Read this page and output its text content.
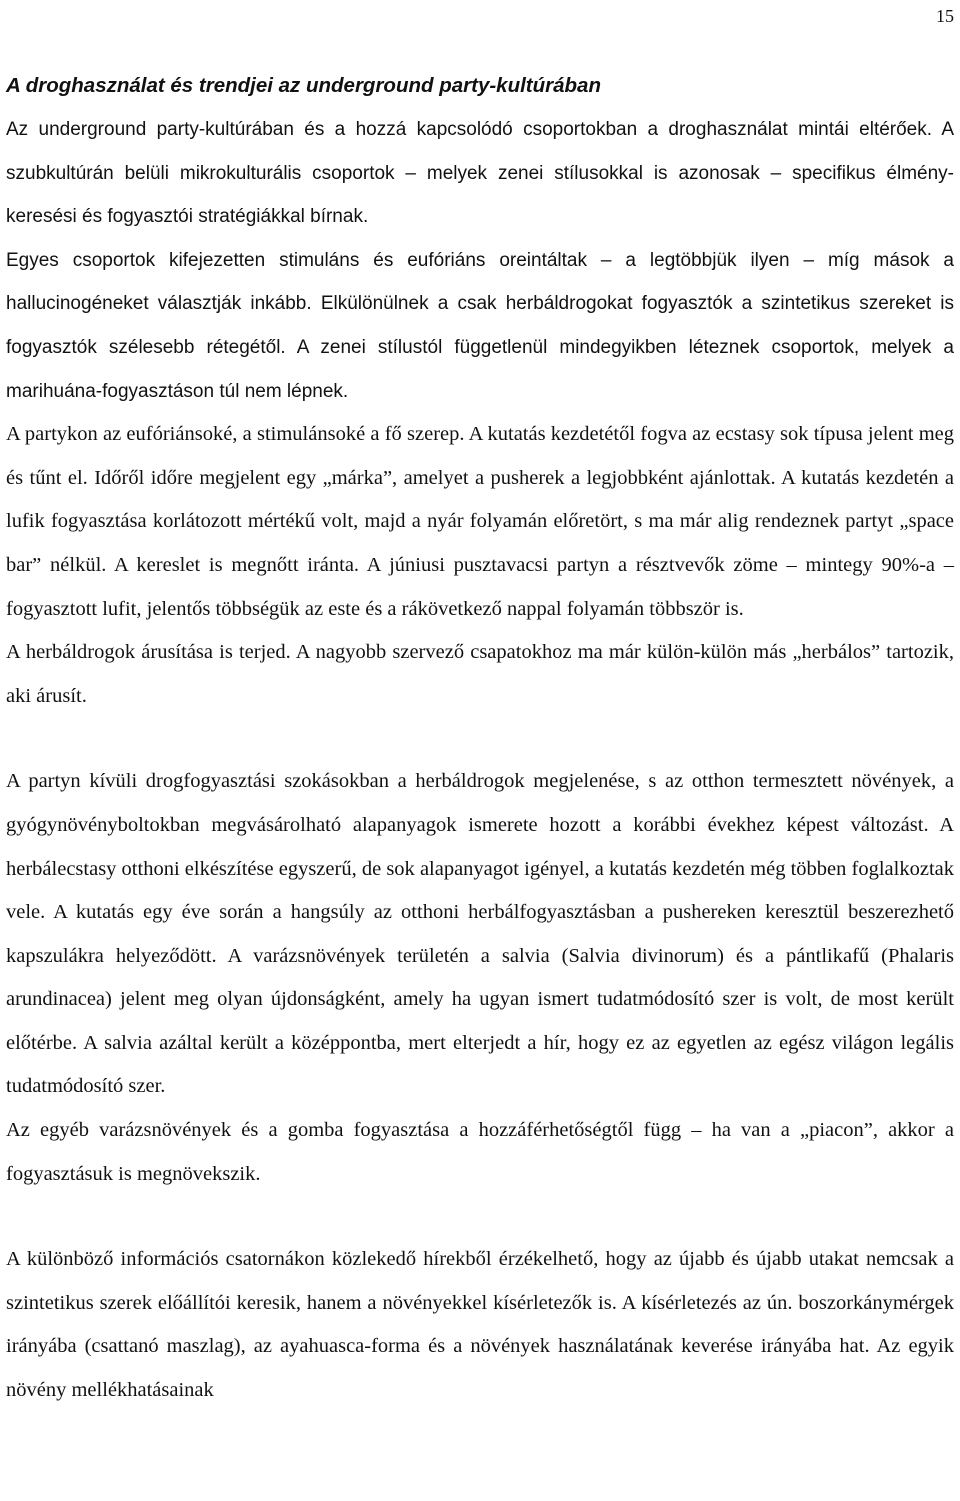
15
A droghasználat és trendjei az underground party-kultúrában

Az underground party-kultúrában és a hozzá kapcsolódó csoportokban a droghasználat mintái eltérőek. A szubkultúrán belüli mikrokulturális csoportok – melyek zenei stílusokkal is azonosak – specifikus élmény-keresési és fogyasztói stratégiákkal bírnak.

Egyes csoportok kifejezetten stimuláns és eufóriáns oreintáltak – a legtöbbjük ilyen – míg mások a hallucinogéneket választják inkább. Elkülönülnek a csak herbáldrogokat fogyasztók a szintetikus szereket is fogyasztók szélesebb rétegétől. A zenei stílustól függetlenül mindegyikben léteznek csoportok, melyek a marihuána-fogyasztáson túl nem lépnek.

A partykon az eufóriánsoké, a stimulánsoké a fő szerep. A kutatás kezdetétől fogva az ecstasy sok típusa jelent meg és tűnt el. Időről időre megjelent egy „márka”, amelyet a pusherek a legjobbként ajánlottak. A kutatás kezdetén a lufik fogyasztása korlátozott mértékű volt, majd a nyár folyamán előretört, s ma már alig rendeznek partyt „space bar” nélkül. A kereslet is megnőtt iránta. A júniusi pusztavacsi partyn a résztvevők zöme – mintegy 90%-a – fogyasztott lufit, jelentős többségük az este és a rákövetkező nappal folyamán többször is.

A herbáldrogok árusítása is terjed. A nagyobb szervező csapatokhoz ma már külön-külön más „herbálos” tartozik, aki árusít.

A partyn kívüli drogfogyasztási szokásokban a herbáldrogok megjelenése, s az otthon termesztett növények, a gyógynövényboltokban megvásárolható alapanyagok ismerete hozott a korábbi évekhez képest változást. A herbálecstasy otthoni elkészítése egyszerű, de sok alapanyagot igényel, a kutatás kezdetén még többen foglalkoztak vele. A kutatás egy éve során a hangsúly az otthoni herbálfogyasztásban a pushereken keresztül beszerezhető kapszulákra helyeződött. A varázsnövények területén a salvia (Salvia divinorum) és a pántlikafű (Phalaris arundinacea) jelent meg olyan újdonságként, amely ha ugyan ismert tudatmódosító szer is volt, de most került előtérbe. A salvia azáltal került a középpontba, mert elterjedt a hír, hogy ez az egyetlen az egész világon legális tudatmódosító szer.

Az egyéb varázsnövények és a gomba fogyasztása a hozzáférhetőségtől függ – ha van a „piacon”, akkor a fogyasztásuk is megnövekszik.

A különböző információs csatornákon közlekedő hírekből érzékelhető, hogy az újabb és újabb utakat nemcsak a szintetikus szerek előállítói keresik, hanem a növényekkel kísérletezők is. A kísérletezés az ún. boszorkánymérgek irányába (csattanó maszlag), az ayahuasca-forma és a növények használatának keverése irányába hat. Az egyik növény mellékhatásainak
